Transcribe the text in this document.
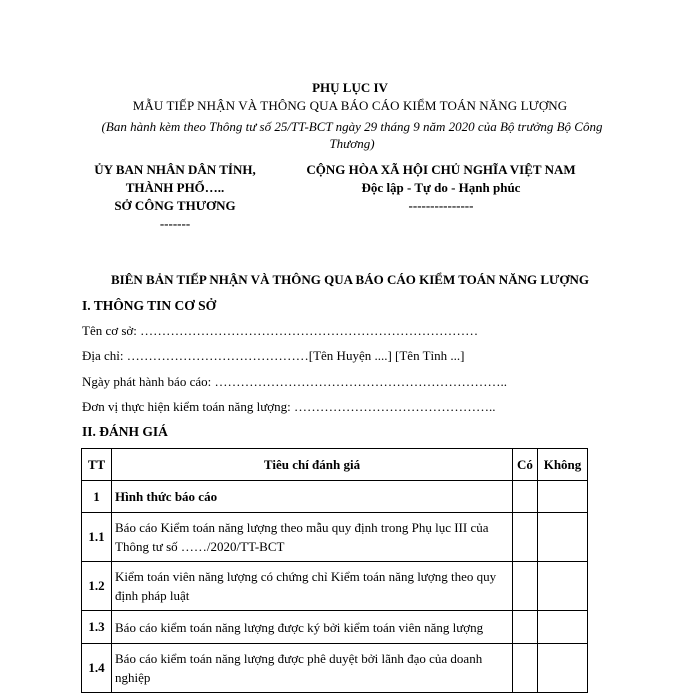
PHỤ LỤC IV
MẪU TIẾP NHẬN VÀ THÔNG QUA BÁO CÁO KIỂM TOÁN NĂNG LƯỢNG
(Ban hành kèm theo Thông tư số 25/TT-BCT ngày 29 tháng 9 năm 2020 của Bộ trưởng Bộ Công Thương)
ỦY BAN NHÂN DÂN TỈNH,
THÀNH PHỐ…..
SỞ CÔNG THƯƠNG
-------
CỘNG HÒA XÃ HỘI CHỦ NGHĨA VIỆT NAM
Độc lập - Tự do - Hạnh phúc
---------------
BIÊN BẢN TIẾP NHẬN VÀ THÔNG QUA BÁO CÁO KIỂM TOÁN NĂNG LƯỢNG
I. THÔNG TIN CƠ SỞ
Tên cơ sở: ……………………………………………………………………
Địa chỉ: ……………………………………[Tên Huyện ....] [Tên Tỉnh ...]
Ngày phát hành báo cáo: …………………………………………………………..
Đơn vị thực hiện kiểm toán năng lượng: ………………………………………..
II. ĐÁNH GIÁ
TT	Tiêu chí đánh giá	Có	Không
1	Hình thức báo cáo		
1.1	Báo cáo Kiểm toán năng lượng theo mẫu quy định trong Phụ lục III của Thông tư số ……/2020/TT-BCT		
1.2	Kiểm toán viên năng lượng có chứng chỉ Kiểm toán năng lượng theo quy định pháp luật		
1.3	Báo cáo kiểm toán năng lượng được ký bởi kiểm toán viên năng lượng		
1.4	Báo cáo kiểm toán năng lượng được phê duyệt bởi lãnh đạo của doanh nghiệp		
